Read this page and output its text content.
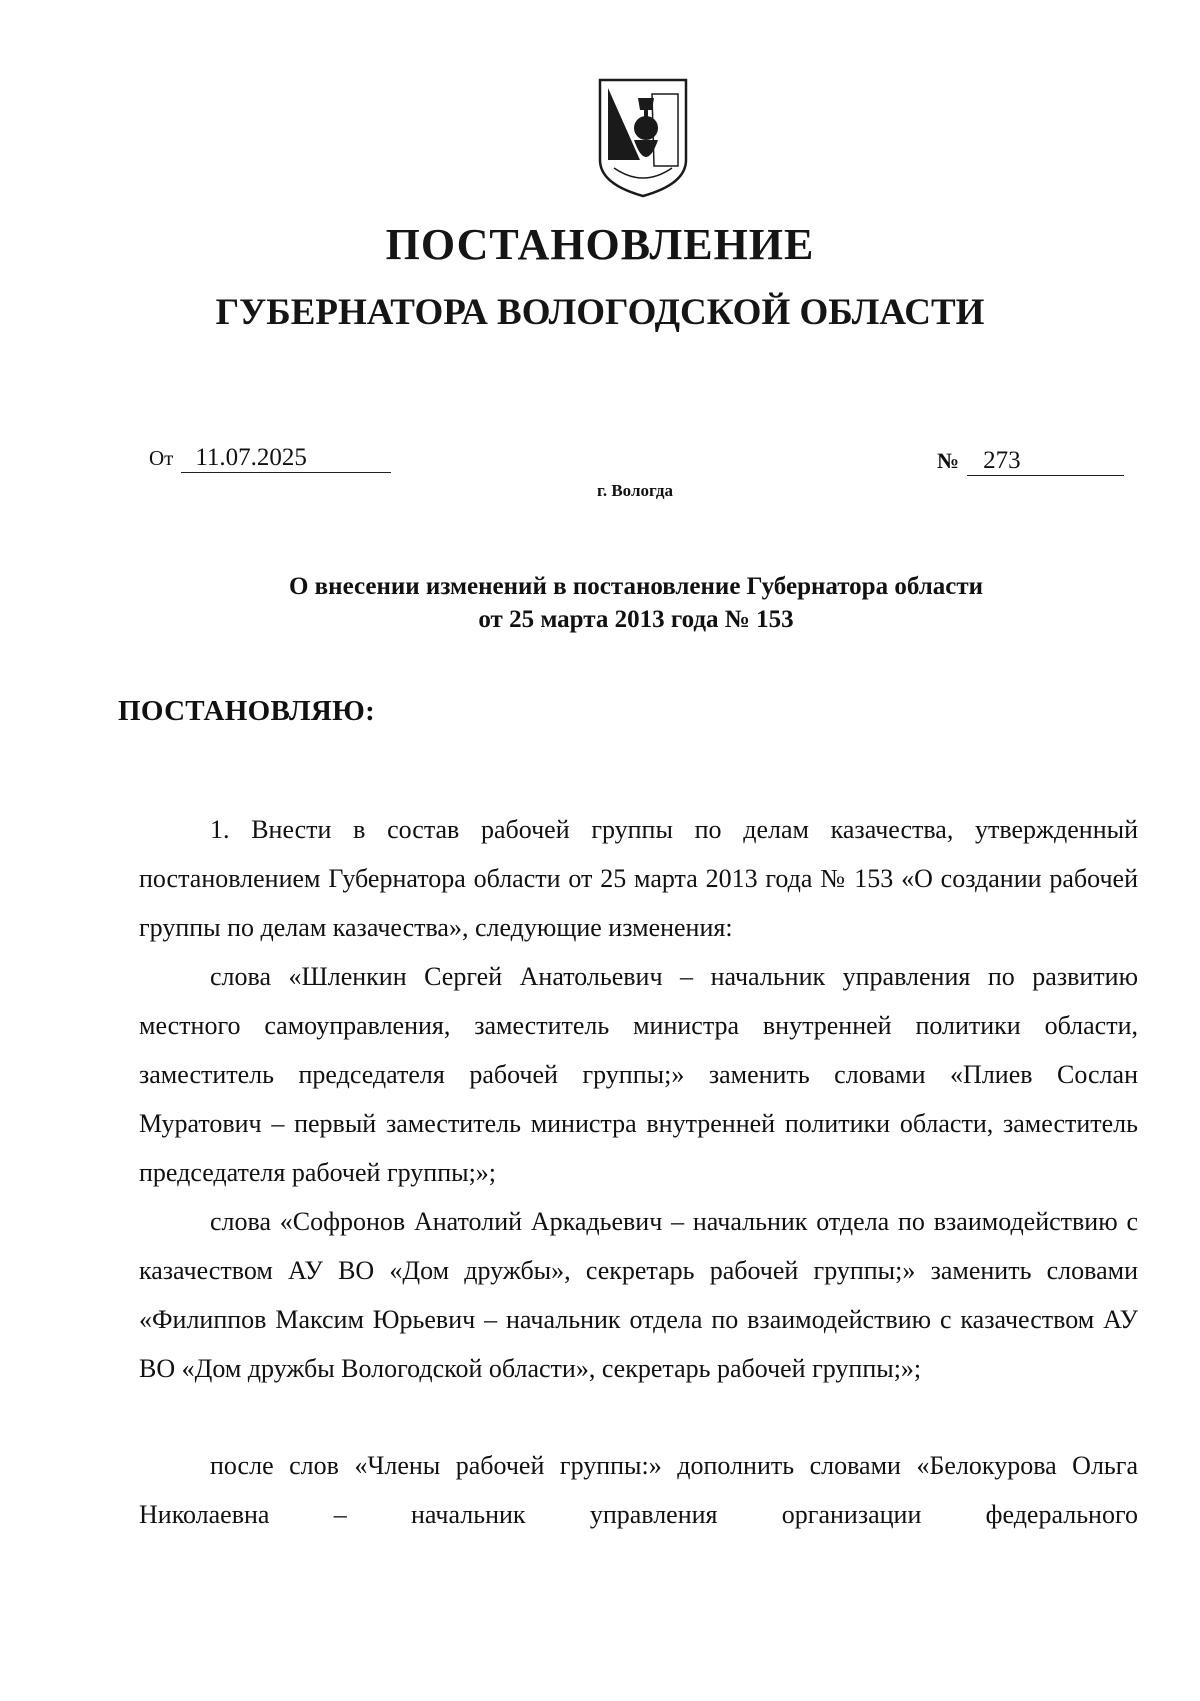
ПОСТАНОВЛЕНИЕ
ГУБЕРНАТОРА ВОЛОГОДСКОЙ ОБЛАСТИ
От 11.07.2025	№ 273
г. Вологда
О внесении изменений в постановление Губернатора области
от 25 марта 2013 года № 153
ПОСТАНОВЛЯЮ:

1. Внести в состав рабочей группы по делам казачества, утвержденный постановлением Губернатора области от 25 марта 2013 года № 153 «О создании рабочей группы по делам казачества», следующие изменения:

слова «Шленкин Сергей Анатольевич – начальник управления по развитию местного самоуправления, заместитель министра внутренней политики области, заместитель председателя рабочей группы;» заменить словами «Плиев Сослан Муратович – первый заместитель министра внутренней политики области, заместитель председателя рабочей группы;»;

слова «Софронов Анатолий Аркадьевич – начальник отдела по взаимодействию с казачеством АУ ВО «Дом дружбы», секретарь рабочей группы;» заменить словами «Филиппов Максим Юрьевич – начальник отдела по взаимодействию с казачеством АУ ВО «Дом дружбы Вологодской области», секретарь рабочей группы;»;

после слов «Члены рабочей группы:» дополнить словами «Белокурова Ольга Николаевна – начальник управления организации федерального
